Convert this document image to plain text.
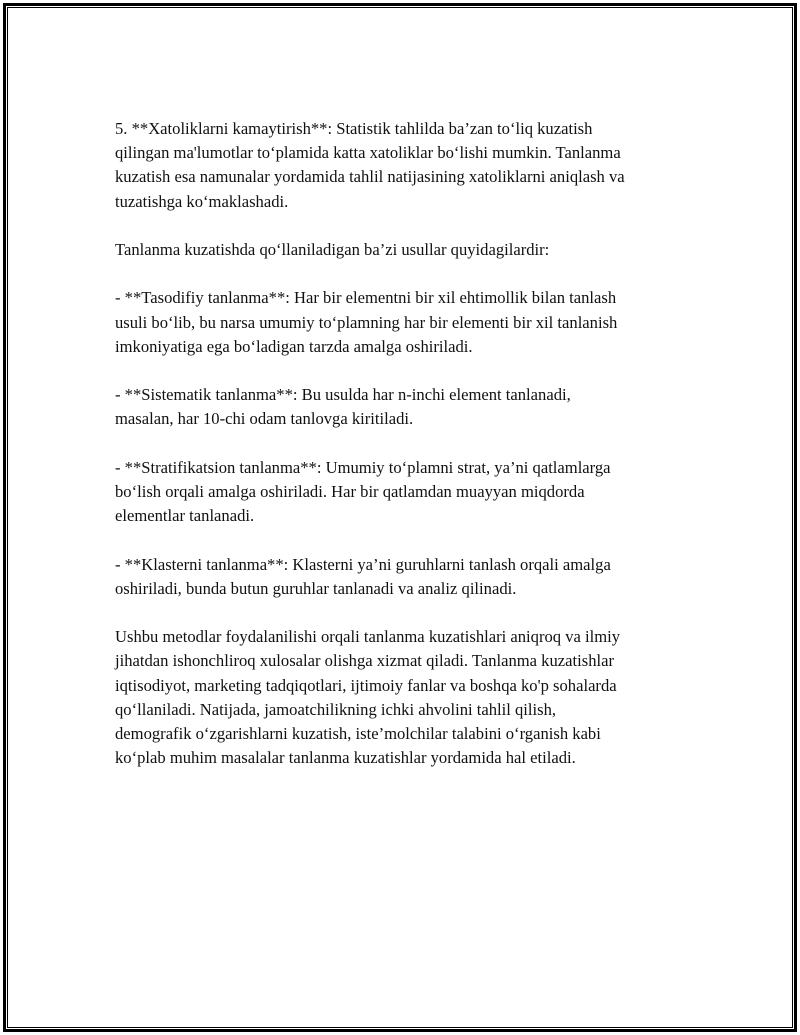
5. **Xatoliklarni kamaytirish**: Statistik tahlilda ba’zan to‘liq kuzatish
qilingan ma'lumotlar to‘plamida katta xatoliklar bo‘lishi mumkin. Tanlanma
kuzatish esa namunalar yordamida tahlil natijasining xatoliklarni aniqlash va
tuzatishga ko‘maklashadi.

Tanlanma kuzatishda qo‘llaniladigan ba’zi usullar quyidagilardir:

- **Tasodifiy tanlanma**: Har bir elementni bir xil ehtimollik bilan tanlash
usuli bo‘lib, bu narsa umumiy to‘plamning har bir elementi bir xil tanlanish
imkoniyatiga ega bo‘ladigan tarzda amalga oshiriladi.

- **Sistematik tanlanma**: Bu usulda har n-inchi element tanlanadi,
masalan, har 10-chi odam tanlovga kiritiladi.

- **Stratifikatsion tanlanma**: Umumiy to‘plamni strat, ya’ni qatlamlarga
bo‘lish orqali amalga oshiriladi. Har bir qatlamdan muayyan miqdorda
elementlar tanlanadi.

- **Klasterni tanlanma**: Klasterni ya’ni guruhlarni tanlash orqali amalga
oshiriladi, bunda butun guruhlar tanlanadi va analiz qilinadi.

Ushbu metodlar foydalanilishi orqali tanlanma kuzatishlari aniqroq va ilmiy
jihatdan ishonchliroq xulosalar olishga xizmat qiladi. Tanlanma kuzatishlar
iqtisodiyot, marketing tadqiqotlari, ijtimoiy fanlar va boshqa ko'p sohalarda
qo‘llaniladi. Natijada, jamoatchilikning ichki ahvolini tahlil qilish,
demografik o‘zgarishlarni kuzatish, iste’molchilar talabini o‘rganish kabi
ko‘plab muhim masalalar tanlanma kuzatishlar yordamida hal etiladi.
